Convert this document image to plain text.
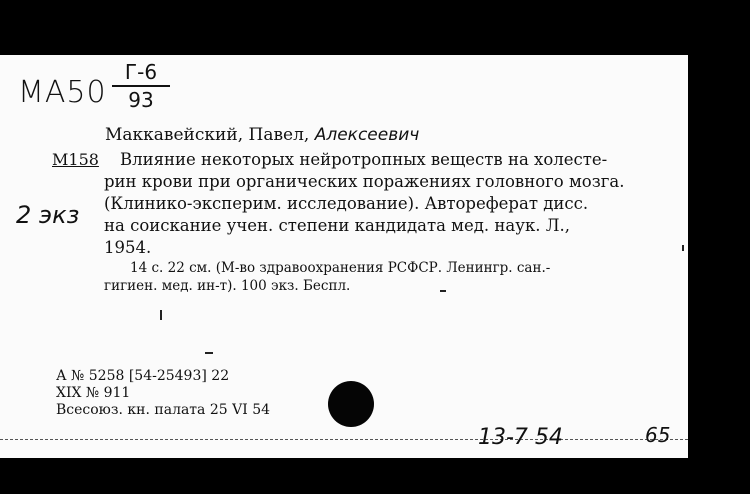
МА50
Г-6
93
Маккавейский, Павел, Алексеевич
М158
2 экз
Влияние некоторых нейротропных веществ на холесте-
рин крови при органических поражениях головного мозга.
(Клинико-эксперим. исследование). Автореферат дисс.
на соискание учен. степени кандидата мед. наук. Л.,
1954.
14 с. 22 см. (М-во здравоохранения РСФСР. Ленингр. сан.-
гигиен. мед. ин-т). 100 экз. Беспл.
А № 5258 [54-25493] 22
XIX № 911
Всесоюз. кн. палата 25 VI 54
13-7 54	65
